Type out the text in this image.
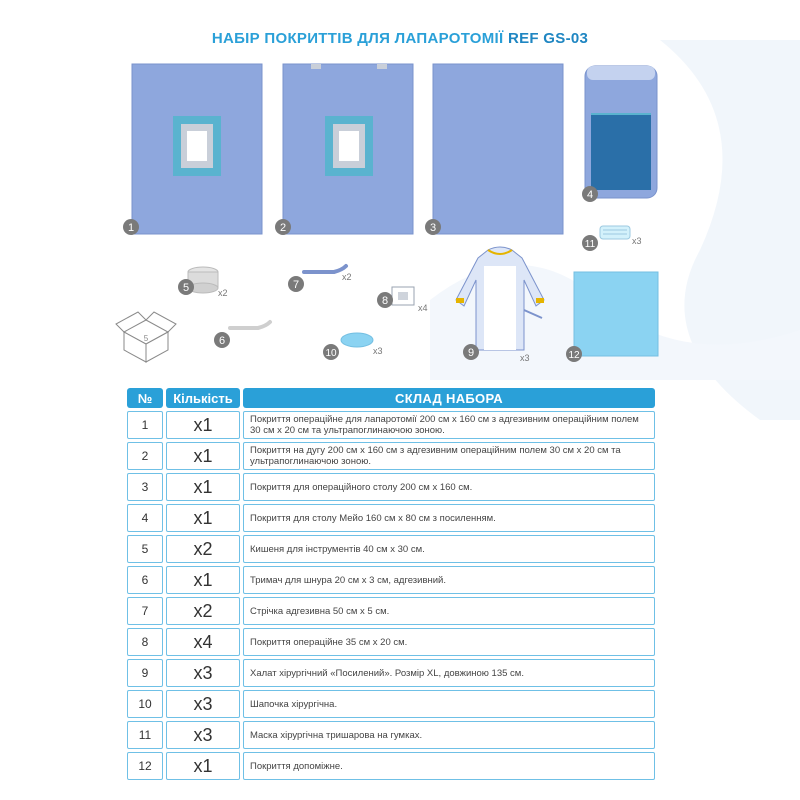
НАБІР ПОКРИТТІВ ДЛЯ ЛАПАРОТОМІЇ REF GS-03
5
1	2	3
4
5
6
7
8
9
10
11
12
x3
x2
x2
x4
x3
x3
№	Кількість	СКЛАД НАБОРА
1	x1	Покриття операційне для лапаротомії 200 см х 160 см з адгезивним операційним полем 30 см х 20 см та ультрапоглинаючою зоною.
2	x1	Покриття на дугу 200 см х 160 см з адгезивним операційним полем 30 см х 20 см та ультрапоглинаючою зоною.
3	x1	Покриття для операційного столу 200 см х 160 см.
4	x1	Покриття для столу Мейо 160 см х 80 см з посиленням.
5	x2	Кишеня для інструментів 40 см х 30 см.
6	x1	Тримач для шнура 20 см х 3 см, адгезивний.
7	x2	Стрічка адгезивна 50 см х 5 см.
8	x4	Покриття операційне 35 см х 20 см.
9	x3	Халат хірургічний «Посилений». Розмір XL, довжиною 135 см.
10	x3	Шапочка хірургічна.
11	x3	Маска хірургічна тришарова на гумках.
12	x1	Покриття допоміжне.
